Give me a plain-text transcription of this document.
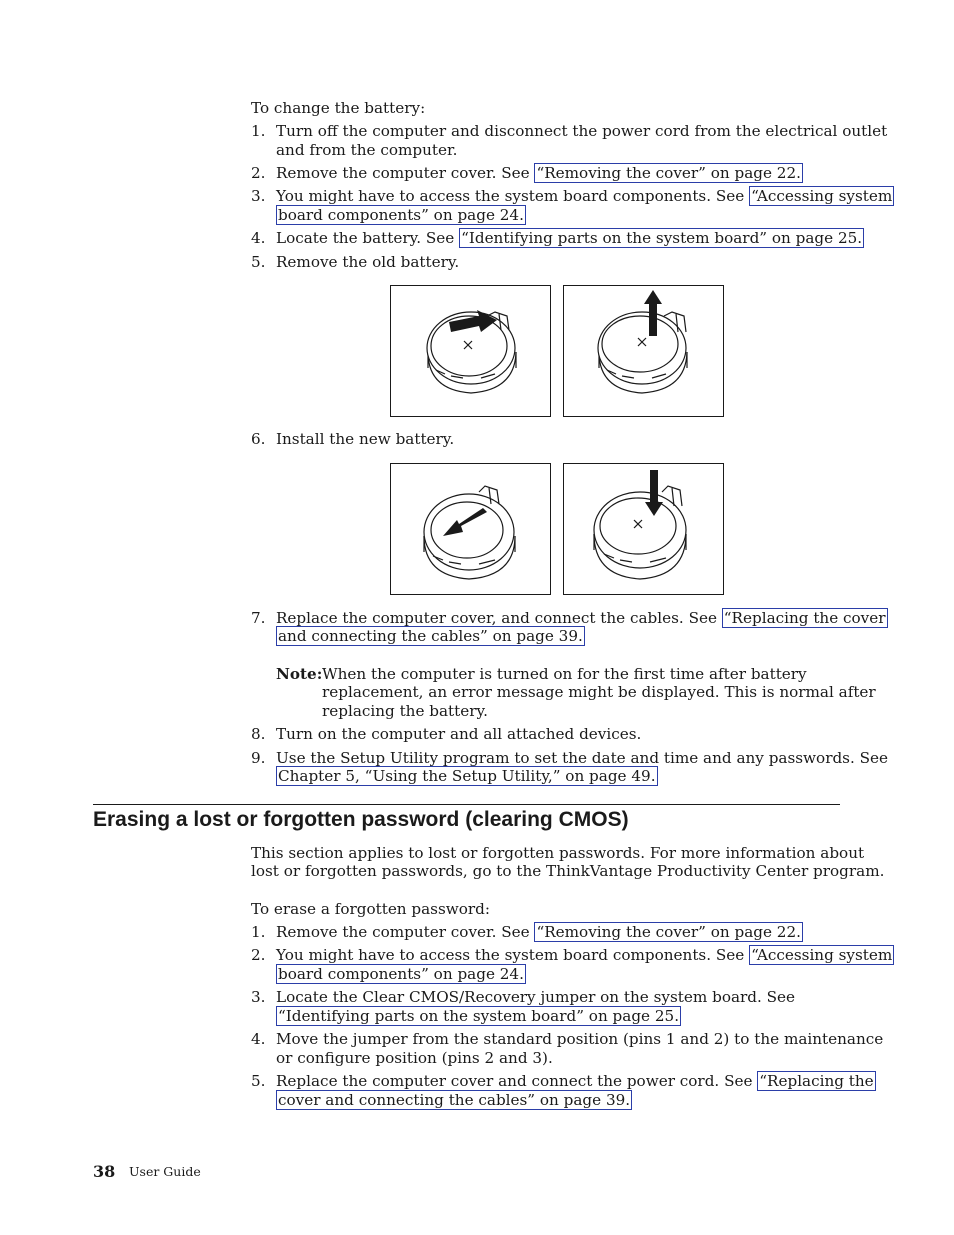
To change the battery:
1. Turn off the computer and disconnect the power cord from the electrical outlet
and from the computer.
2. Remove the computer cover. See “Removing the cover” on page 22.
3. You might have to access the system board components. See “Accessing system
board components” on page 24.
4. Locate the battery. See “Identifying parts on the system board” on page 25.
5. Remove the old battery.
6. Install the new battery.
7. Replace the computer cover, and connect the cables. See “Replacing the cover
and connecting the cables” on page 39.
Note: When the computer is turned on for the first time after battery
replacement, an error message might be displayed. This is normal after
replacing the battery.
8. Turn on the computer and all attached devices.
9. Use the Setup Utility program to set the date and time and any passwords. See
Chapter 5, “Using the Setup Utility,” on page 49.
Erasing a lost or forgotten password (clearing CMOS)
This section applies to lost or forgotten passwords. For more information about
lost or forgotten passwords, go to the ThinkVantage Productivity Center program.
To erase a forgotten password:
1. Remove the computer cover. See “Removing the cover” on page 22.
2. You might have to access the system board components. See “Accessing system
board components” on page 24.
3. Locate the Clear CMOS/Recovery jumper on the system board. See
“Identifying parts on the system board” on page 25.
4. Move the jumper from the standard position (pins 1 and 2) to the maintenance
or configure position (pins 2 and 3).
5. Replace the computer cover and connect the power cord. See “Replacing the
cover and connecting the cables” on page 39.
38 User Guide
